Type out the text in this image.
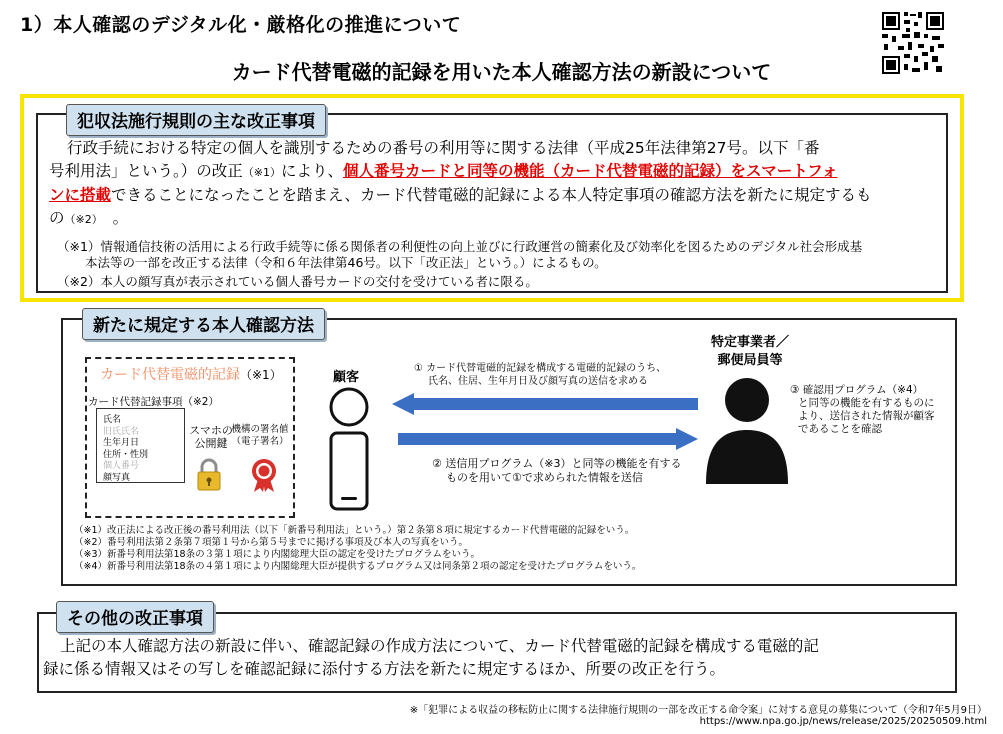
1）本人確認のデジタル化・厳格化の推進について
カード代替電磁的記録を用いた本人確認方法の新設について
犯収法施行規則の主な改正事項
行政手続における特定の個人を識別するための番号の利用等に関する法律（平成25年法律第27号。以下「番
号利用法」という。）の改正（※1）により、個人番号カードと同等の機能（カード代替電磁的記録）をスマートフォ
ンに搭載できることになったことを踏まえ、カード代替電磁的記録による本人特定事項の確認方法を新たに規定するも
の（※2） 。
（※1）情報通信技術の活用による行政手続等に係る関係者の利便性の向上並びに行政運営の簡素化及び効率化を図るためのデジタル社会形成基
本法等の一部を改正する法律（令和６年法律第46号。以下「改正法」という。）によるもの。
（※2）本人の顔写真が表示されている個人番号カードの交付を受けている者に限る。
新たに規定する本人確認方法
カード代替電磁的記録（※1）
カード代替記録事項（※2）
氏名
旧氏氏名
生年月日
住所・性別
個人番号
顔写真
スマホの
公開鍵
機構の署名値
（電子署名）
顧客
① カード代替電磁的記録を構成する電磁的記録のうち、
氏名、住居、生年月日及び顔写真の送信を求める
② 送信用プログラム（※3）と同等の機能を有する
ものを用いて①で求められた情報を送信
特定事業者／
郵便局員等
③ 確認用プログラム（※4）
と同等の機能を有するものに
より、送信された情報が顧客
であることを確認
（※1）改正法による改正後の番号利用法（以下「新番号利用法」という。）第２条第８項に規定するカード代替電磁的記録をいう。
（※2）番号利用法第２条第７項第１号から第５号までに掲げる事項及び本人の写真をいう。
（※3）新番号利用法第18条の３第１項により内閣総理大臣の認定を受けたプログラムをいう。
（※4）新番号利用法第18条の４第１項により内閣総理大臣が提供するプログラム又は同条第２項の認定を受けたプログラムをいう。
その他の改正事項
上記の本人確認方法の新設に伴い、確認記録の作成方法について、カード代替電磁的記録を構成する電磁的記
録に係る情報又はその写しを確認記録に添付する方法を新たに規定するほか、所要の改正を行う。
※「犯罪による収益の移転防止に関する法律施行規則の一部を改正する命令案」に対する意見の募集について（令和7年5月9日）
https://www.npa.go.jp/news/release/2025/20250509.html
